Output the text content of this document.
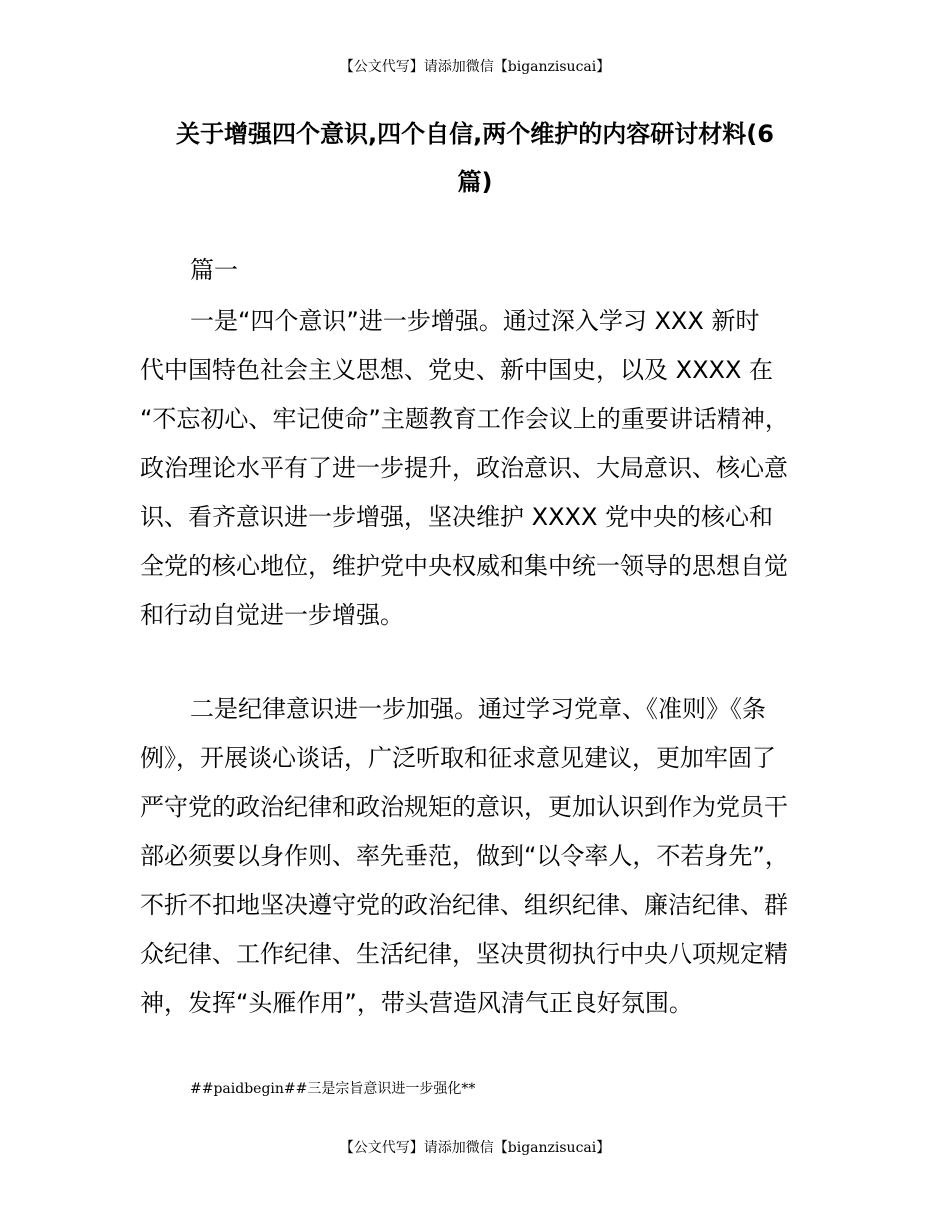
【公文代写】请添加微信【biganzisucai】
关于增强四个意识,四个自信,两个维护的内容研讨材料(6
篇)
篇一
一是“四个意识”进一步增强。通过深入学习 XXX 新时
代中国特色社会主义思想、党史、新中国史，以及 XXXX 在
“不忘初心、牢记使命”主题教育工作会议上的重要讲话精神，
政治理论水平有了进一步提升，政治意识、大局意识、核心意
识、看齐意识进一步增强，坚决维护 XXXX 党中央的核心和
全党的核心地位，维护党中央权威和集中统一领导的思想自觉
和行动自觉进一步增强。
二是纪律意识进一步加强。通过学习党章、《准则》《条
例》，开展谈心谈话，广泛听取和征求意见建议，更加牢固了
严守党的政治纪律和政治规矩的意识，更加认识到作为党员干
部必须要以身作则、率先垂范，做到“以令率人，不若身先”，
不折不扣地坚决遵守党的政治纪律、组织纪律、廉洁纪律、群
众纪律、工作纪律、生活纪律，坚决贯彻执行中央八项规定精
神，发挥“头雁作用”，带头营造风清气正良好氛围。
##paidbegin##三是宗旨意识进一步强化**
【公文代写】请添加微信【biganzisucai】
